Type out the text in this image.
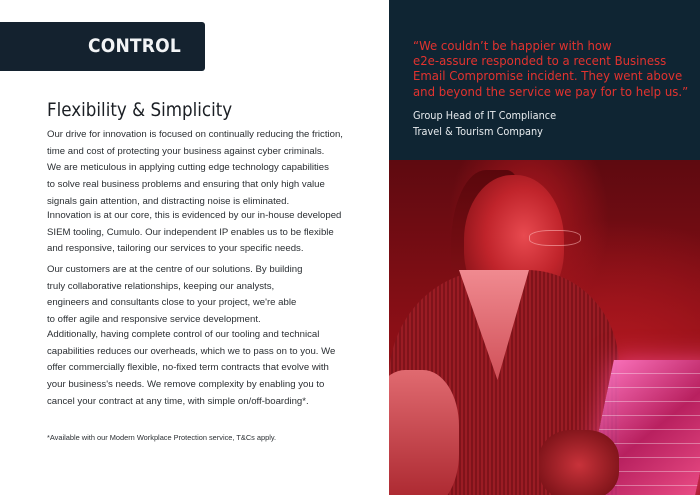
CONTROL
Flexibility & Simplicity

Our drive for innovation is focused on continually reducing the friction,
time and cost of protecting your business against cyber criminals.
We are meticulous in applying cutting edge technology capabilities
to solve real business problems and ensuring that only high value
signals gain attention, and distracting noise is eliminated.

Innovation is at our core, this is evidenced by our in-house developed
SIEM tooling, Cumulo. Our independent IP enables us to be flexible
and responsive, tailoring our services to your specific needs.

Our customers are at the centre of our solutions. By building
truly collaborative relationships, keeping our analysts,
engineers and consultants close to your project, we're able
to offer agile and responsive service development.

Additionally, having complete control of our tooling and technical
capabilities reduces our overheads, which we to pass on to you. We
offer commercially flexible, no-fixed term contracts that evolve with
your business's needs. We remove complexity by enabling you to
cancel your contract at any time, with simple on/off-boarding*.

*Available with our Modern Workplace Protection service, T&Cs apply.
“We couldn’t be happier with how
e2e-assure responded to a recent Business
Email Compromise incident. They went above
and beyond the service we pay for to help us.”
Group Head of IT Compliance
Travel & Tourism Company
